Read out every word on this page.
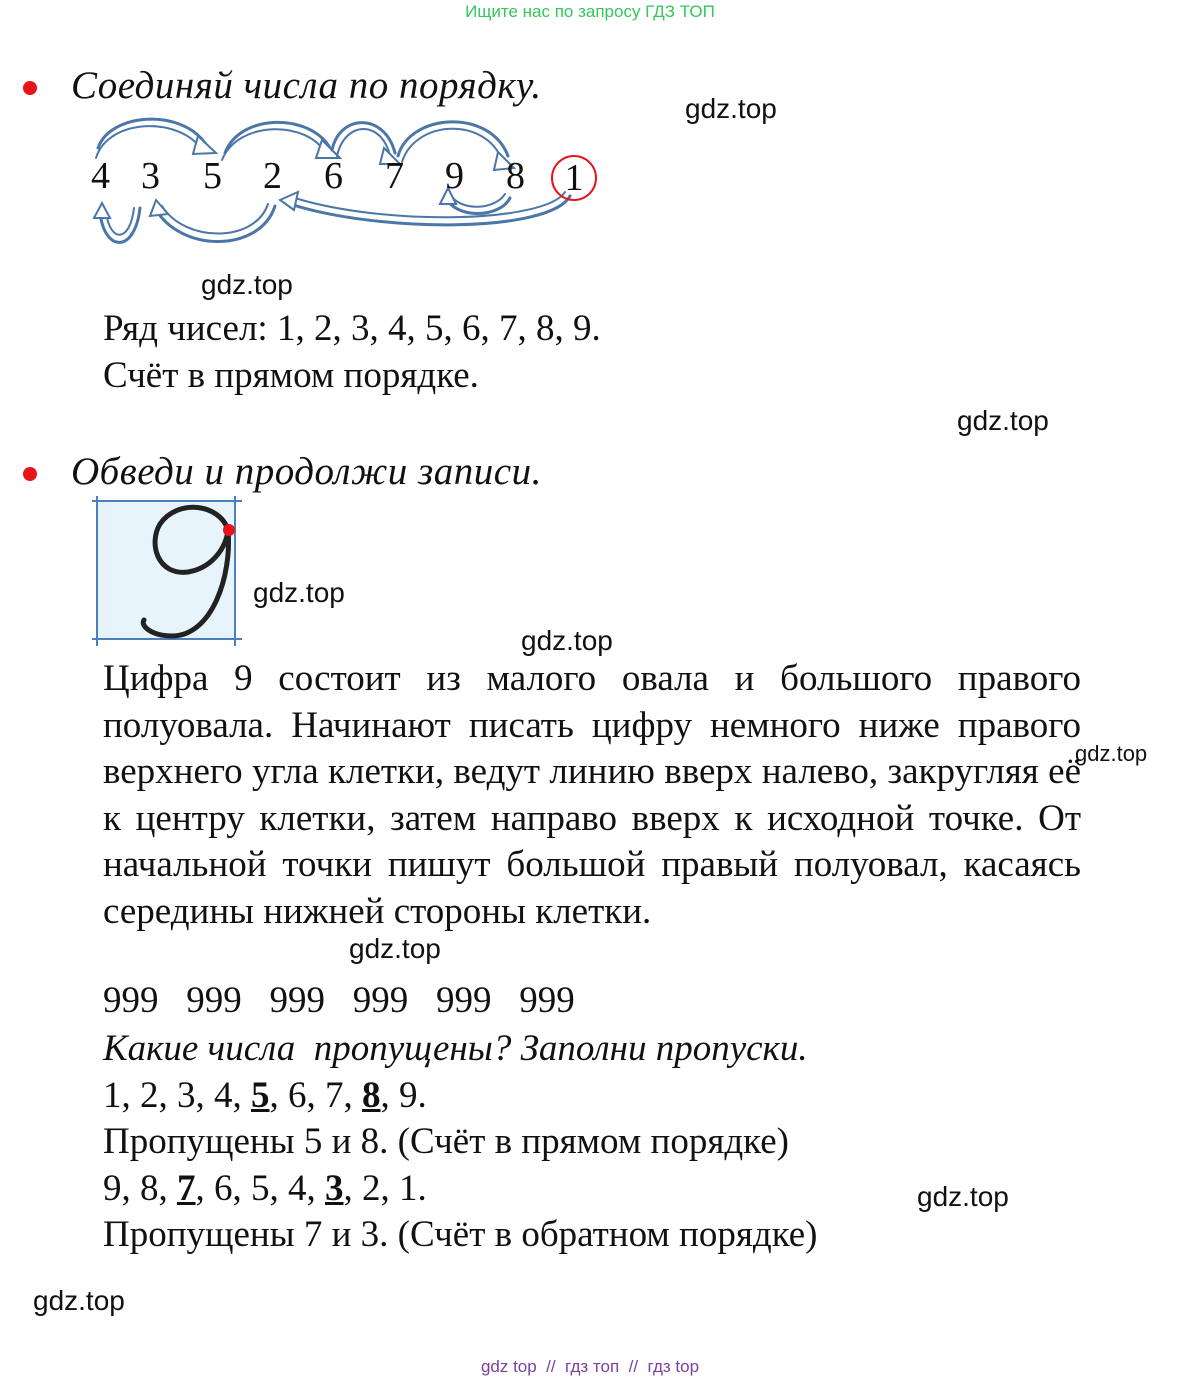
Ищите нас по запросу ГДЗ ТОП
Соединяй числа по порядку.
4 3 5 2 6 7 9 8	1
Ряд чисел: 1, 2, 3, 4, 5, 6, 7, 8, 9.
Счёт в прямом порядке.
Обведи и продолжи записи.
Цифра 9 состоит из малого овала и большого правого полуовала. Начинают писать цифру немного ниже правого верхнего угла клетки, ведут линию вверх налево, закругляя её к центру клетки, затем направо вверх к исходной точке. От начальной точки пишут большой правый полуовал, касаясь середины нижней стороны клетки.
999   999   999   999   999   999
Какие числа  пропущены? Заполни пропуски.
1, 2, 3, 4, 5, 6, 7, 8, 9.
Пропущены 5 и 8. (Счёт в прямом порядке)
9, 8, 7, 6, 5, 4, 3, 2, 1.
Пропущены 7 и 3. (Счёт в обратном порядке)
gdz.top
gdz.top
gdz.top
gdz.top
gdz.top
gdz.top
gdz.top
gdz.top
gdz.top
gdz top  //  гдз топ  //  гдз top
